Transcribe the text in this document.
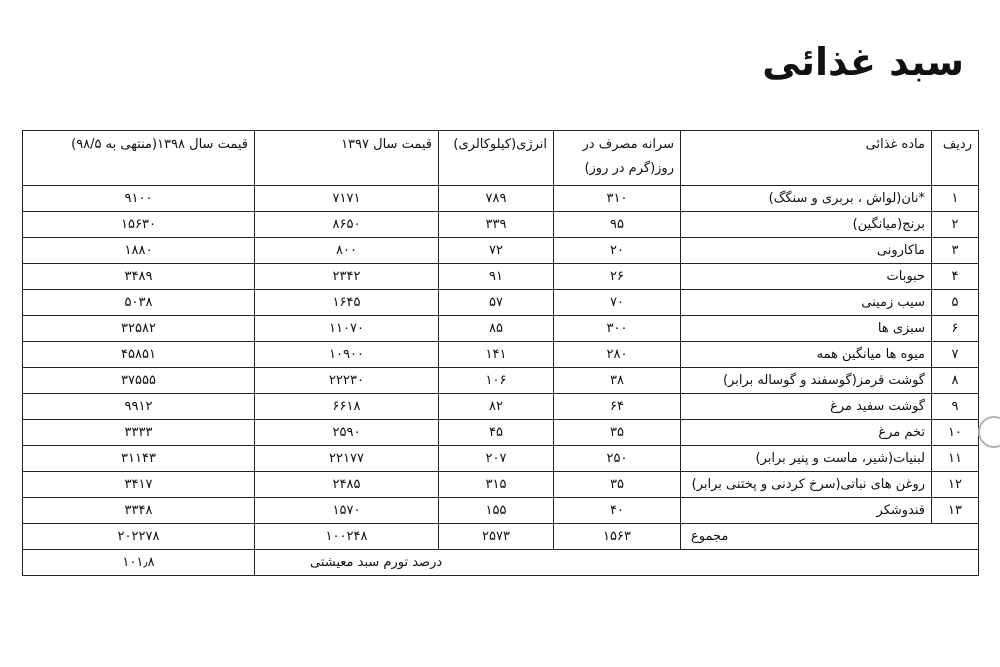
سبد غذائی
ردیف	ماده غذائی	سرانه مصرف در روز(گرم در روز)	انرژی(کیلوکالری)	قیمت سال ۱۳۹۷	قیمت سال ۱۳۹۸(منتهی به ۹۸/۵)
۱	*نان(لواش ، بربری و سنگگ)	۳۱۰	۷۸۹	۷۱۷۱	۹۱۰۰
۲	برنج(میانگین)	۹۵	۳۳۹	۸۶۵۰	۱۵۶۳۰
۳	ماکارونی	۲۰	۷۲	۸۰۰	۱۸۸۰
۴	حبوبات	۲۶	۹۱	۲۳۴۲	۳۴۸۹
۵	سیب زمینی	۷۰	۵۷	۱۶۴۵	۵۰۳۸
۶	سبزی ها	۳۰۰	۸۵	۱۱۰۷۰	۳۲۵۸۲
۷	میوه ها میانگین همه	۲۸۰	۱۴۱	۱۰۹۰۰	۴۵۸۵۱
۸	گوشت قرمز(گوسفند و گوساله برابر)	۳۸	۱۰۶	۲۲۲۳۰	۳۷۵۵۵
۹	گوشت سفید مرغ	۶۴	۸۲	۶۶۱۸	۹۹۱۲
۱۰	تخم مرغ	۳۵	۴۵	۲۵۹۰	۳۳۳۳
۱۱	لبنیات(شیر، ماست و پنیر برابر)	۲۵۰	۲۰۷	۲۲۱۷۷	۳۱۱۴۳
۱۲	روغن های نباتی(سرخ کردنی و پختنی برابر)	۳۵	۳۱۵	۲۴۸۵	۳۴۱۷
۱۳	قندوشکر	۴۰	۱۵۵	۱۵۷۰	۳۳۴۸
مجموع		۱۵۶۳	۲۵۷۳	۱۰۰۲۴۸	۲۰۲۲۷۸
درصد تورم سبد معیشتی					۱۰۱٫۸
